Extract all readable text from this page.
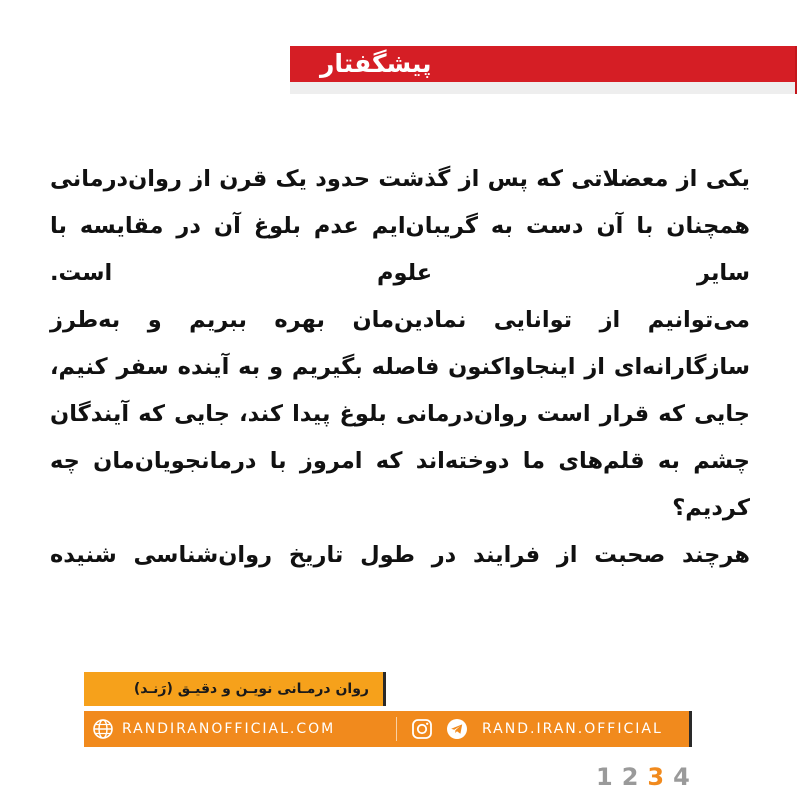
پیشگفتار

یکی از معضلاتی که پس از گذشت حدود یک قرن از روان‌درمانی همچنان با آن دست به گریبان‌ایم عدم بلوغ آن در مقایسه با سایر علوم است.

می‌توانیم از توانایی نمادین‌مان بهره ببریم و به‌طرز سازگارانه‌ای از اینجاواکنون فاصله بگیریم و به آینده سفر کنیم، جایی که قرار است روان‌درمانی بلوغ پیدا کند، جایی که آیندگان چشم به قلم‌های ما دوخته‌اند که امروز با درمانجویان‌مان چه کردیم؟

هرچند صحبت از فرایند در طول تاریخ روان‌شناسی شنیده

روان درمـانی نویـن و دقیـق (رَنـد)
RANDIRANOFFICIAL.COM	RAND.IRAN.OFFICIAL
1 2 3 4
